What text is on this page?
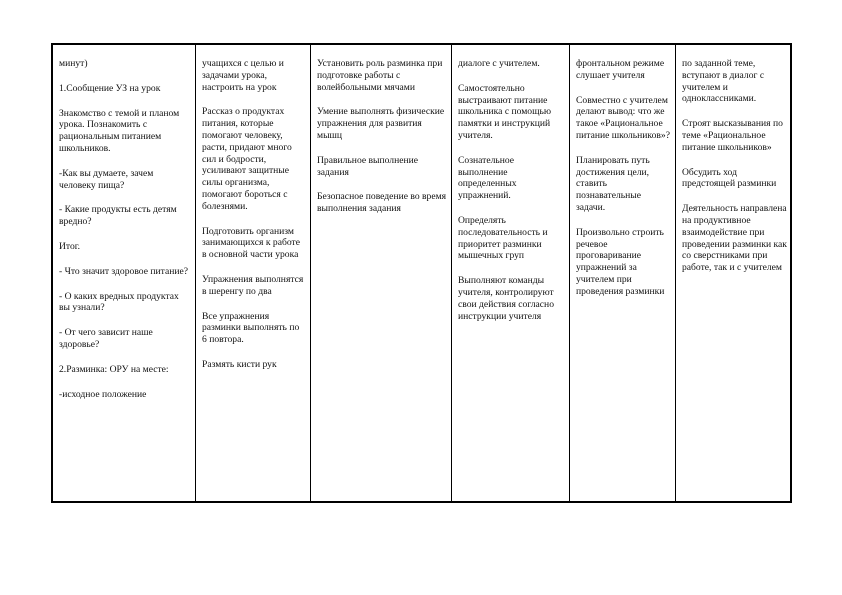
минут)

1.Сообщение УЗ на урок

Знакомство с темой и планом урока. Познакомить с рациональным питанием школьников.

-Как вы думаете, зачем человеку пища?

- Какие продукты есть детям вредно?

Итог.

- Что значит здоровое питание?

- О каких вредных продуктах вы узнали?

- От чего зависит наше здоровье?

2.Разминка: ОРУ на месте:

-исходное положение

учащихся с целью и задачами урока, настроить на урок

Рассказ о продуктах питания, которые помогают человеку, расти, придают много сил и бодрости, усиливают защитные силы организма, помогают бороться с болезнями.

Подготовить организм занимающихся к работе в основной части урока

Упражнения выполнятся в шеренгу по два

Все упражнения разминки выполнять по 6 повтора.

Размять кисти рук

Установить роль разминка при подготовке работы с волейбольными мячами

Умение выполнять физические упражнения для развития мышц

Правильное выполнение задания

Безопасное поведение во время выполнения задания

диалоге с учителем.

Самостоятельно выстраивают питание школьника с помощью памятки и инструкций учителя.

Сознательное выполнение определенных упражнений.

Определять последовательность и приоритет разминки мышечных груп

Выполняют команды учителя, контролируют свои действия согласно инструкции учителя

фронтальном режиме слушает учителя

Совместно с учителем делают вывод: что же такое «Рациональное питание школьников»?

Планировать путь достижения цели, ставить познавательные задачи.

Произвольно строить речевое проговаривание упражнений за учителем при проведения разминки

по заданной теме, вступают в диалог с учителем и одноклассниками.

Строят высказывания по теме «Рациональное питание школьников»

Обсудить ход предстоящей разминки

Деятельность направлена на продуктивное взаимодействие при проведении разминки как со сверстниками при работе, так и с учителем
